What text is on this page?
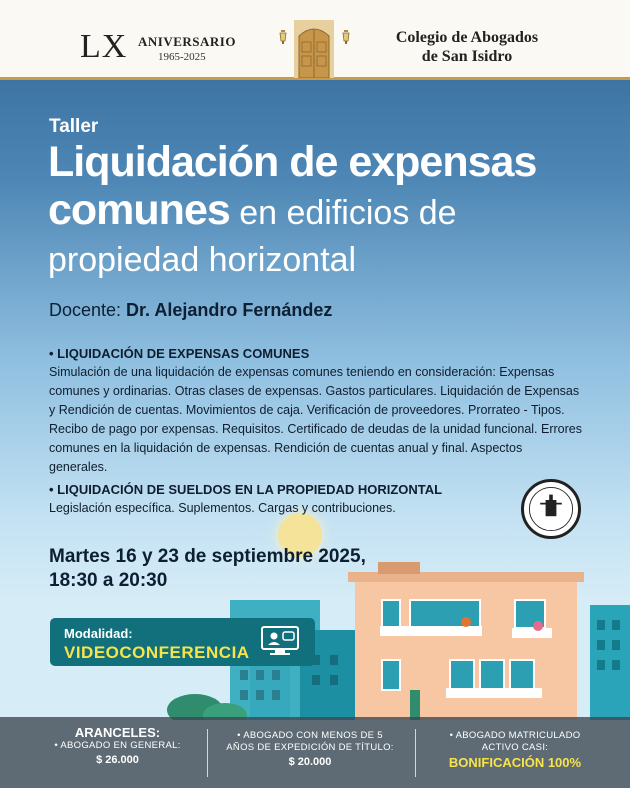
LX ANIVERSARIO
1965-2025
Colegio de Abogados
de San Isidro
Taller
Liquidación de expensas
comunes en edificios de
propiedad horizontal
Docente: Dr. Alejandro Fernández
• LIQUIDACIÓN DE EXPENSAS COMUNES
Simulación de una liquidación de expensas comunes teniendo en consideración: Expensas comunes y ordinarias. Otras clases de expensas. Gastos particulares. Liquidación de Expensas y Rendición de cuentas. Movimientos de caja. Verificación de proveedores. Prorrateo - Tipos. Recibo de pago por expensas. Requisitos. Certificado de deudas de la unidad funcional. Errores comunes en la liquidación de expensas. Rendición de cuentas anual y final. Aspectos generales.
• LIQUIDACIÓN DE SUELDOS EN LA PROPIEDAD HORIZONTAL
Legislación específica. Suplementos. Cargas y contribuciones.
Martes 16 y 23 de septiembre 2025,
18:30 a 20:30
Modalidad:
VIDEOCONFERENCIA
ARANCELES:
• ABOGADO EN GENERAL:
$ 26.000
• ABOGADO CON MENOS DE 5
AÑOS DE EXPEDICIÓN DE TÍTULO:
$ 20.000
• ABOGADO MATRICULADO
ACTIVO CASI:
BONIFICACIÓN 100%
